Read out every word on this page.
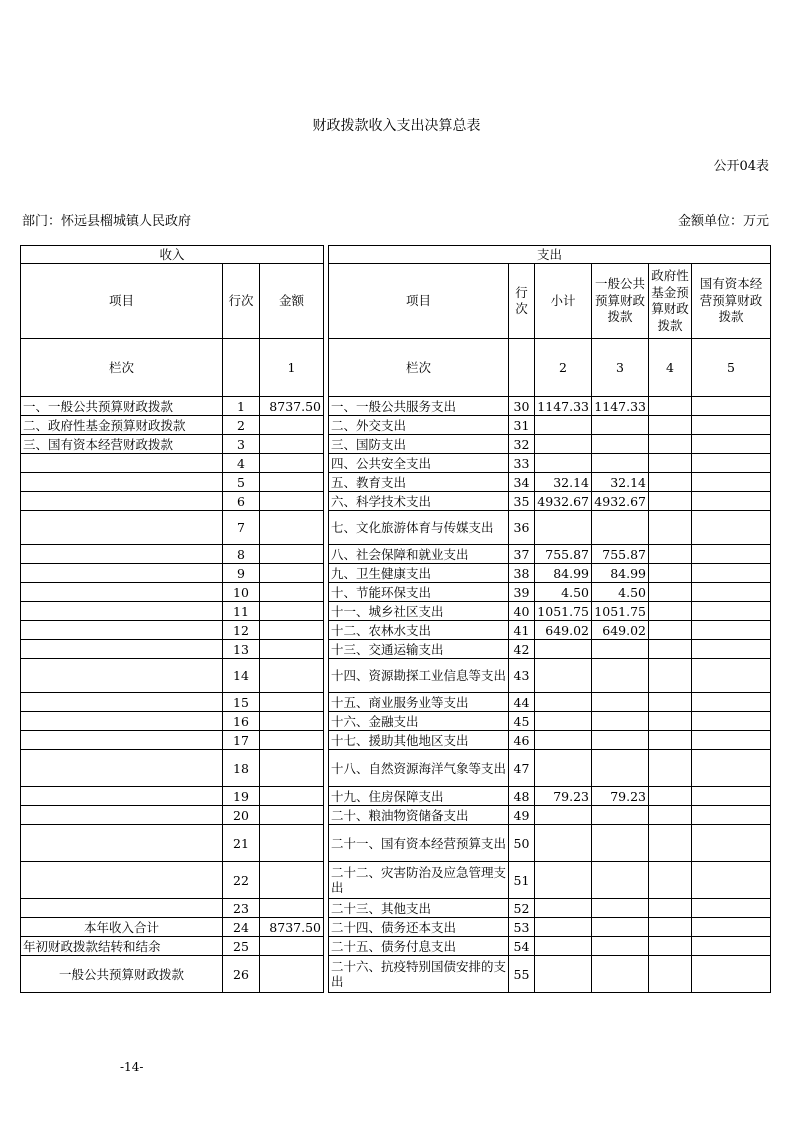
财政拨款收入支出决算总表
公开04表
部门：怀远县榴城镇人民政府	金额单位：万元
收入				支出					
项目	行次	金额		项目	行次	小计	一般公共预算财政拨款	政府性基金预算财政拨款	国有资本经营预算财政拨款
栏次		1		栏次		2	3	4	5
一、一般公共预算财政拨款	1	8737.50		一、一般公共服务支出	30	1147.33	1147.33		
二、政府性基金预算财政拨款	2			二、外交支出	31				
三、国有资本经营财政拨款	3			三、国防支出	32				
	4			四、公共安全支出	33				
	5			五、教育支出	34	32.14	32.14		
	6			六、科学技术支出	35	4932.67	4932.67		
	7			七、文化旅游体育与传媒支出	36				
	8			八、社会保障和就业支出	37	755.87	755.87		
	9			九、卫生健康支出	38	84.99	84.99		
	10			十、节能环保支出	39	4.50	4.50		
	11			十一、城乡社区支出	40	1051.75	1051.75		
	12			十二、农林水支出	41	649.02	649.02		
	13			十三、交通运输支出	42				
	14			十四、资源勘探工业信息等支出	43				
	15			十五、商业服务业等支出	44				
	16			十六、金融支出	45				
	17			十七、援助其他地区支出	46				
	18			十八、自然资源海洋气象等支出	47				
	19			十九、住房保障支出	48	79.23	79.23		
	20			二十、粮油物资储备支出	49				
	21			二十一、国有资本经营预算支出	50				
	22			二十二、灾害防治及应急管理支出	51				
	23			二十三、其他支出	52				
本年收入合计	24	8737.50		二十四、债务还本支出	53				
年初财政拨款结转和结余	25			二十五、债务付息支出	54				
一般公共预算财政拨款	26			二十六、抗疫特别国债安排的支出	55				
-14-
